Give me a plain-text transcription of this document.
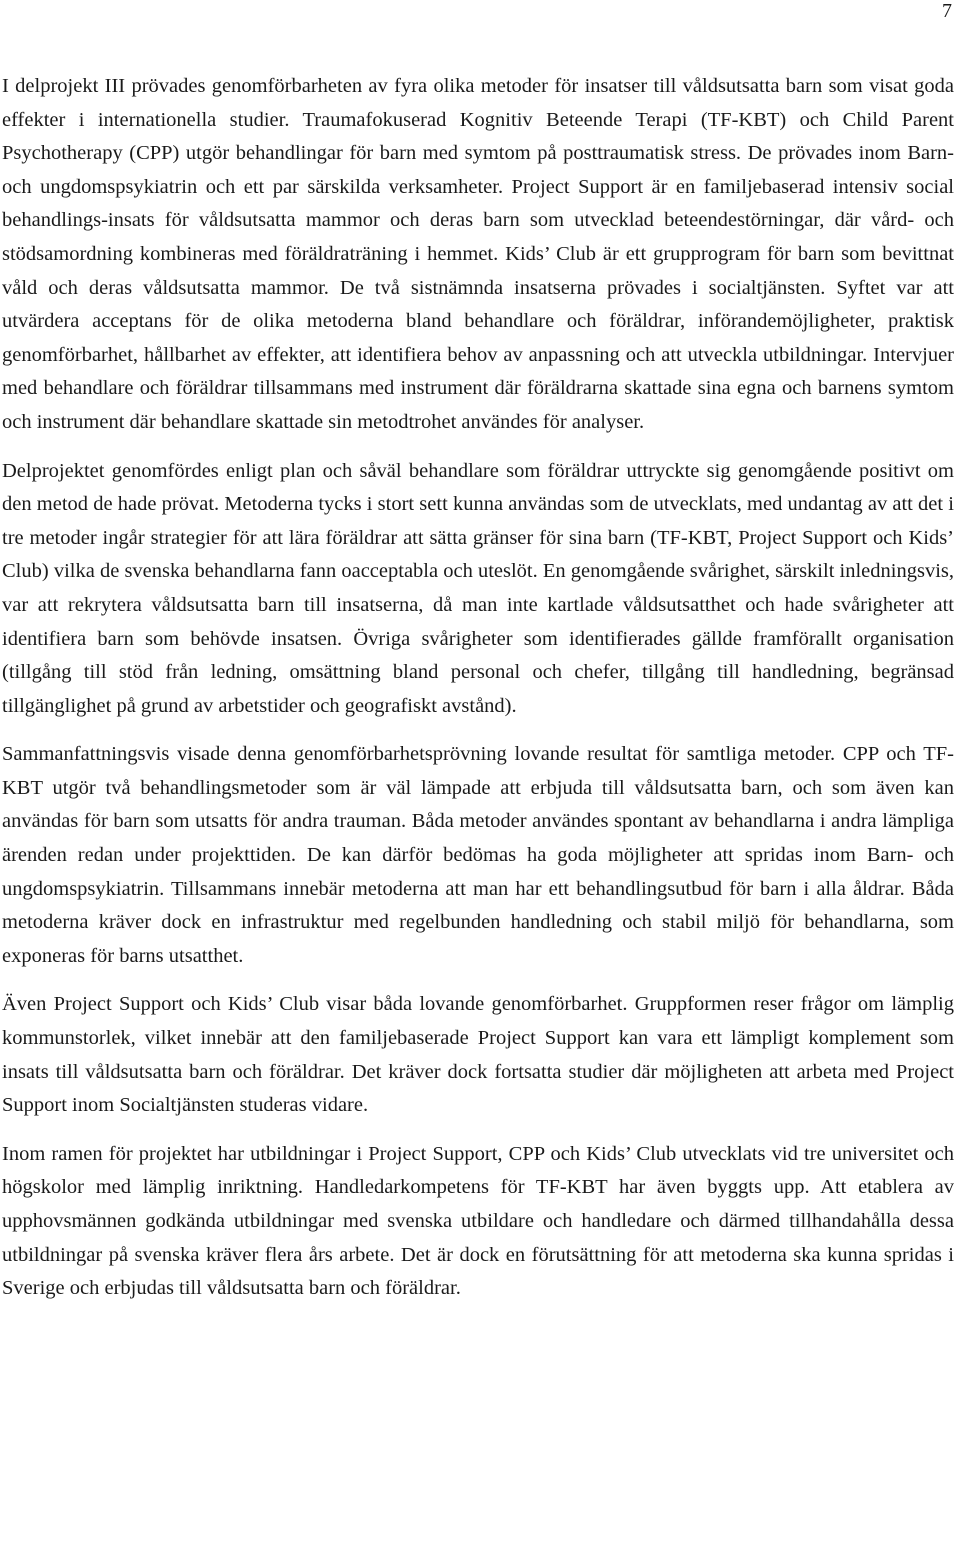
7

I delprojekt III prövades genomförbarheten av fyra olika metoder för insatser till våldsutsatta barn som visat goda effekter i internationella studier. Traumafokuserad Kognitiv Beteende Terapi (TF-KBT) och Child Parent Psychotherapy (CPP) utgör behandlingar för barn med symtom på posttraumatisk stress. De prövades inom Barn- och ungdomspsykiatrin och ett par särskilda verksamheter. Project Support är en familjebaserad intensiv social behandlings-insats för våldsutsatta mammor och deras barn som utvecklad beteendestörningar, där vård- och stödsamordning kombineras med föräldraträning i hemmet. Kids’ Club är ett grupprogram för barn som bevittnat våld och deras våldsutsatta mammor. De två sistnämnda insatserna prövades i socialtjänsten. Syftet var att utvärdera acceptans för de olika metoderna bland behandlare och föräldrar, införandemöjligheter, praktisk genomförbarhet, hållbarhet av effekter, att identifiera behov av anpassning och att utveckla utbildningar. Intervjuer med behandlare och föräldrar tillsammans med instrument där föräldrarna skattade sina egna och barnens symtom och instrument där behandlare skattade sin metodtrohet användes för analyser.

Delprojektet genomfördes enligt plan och såväl behandlare som föräldrar uttryckte sig genomgående positivt om den metod de hade prövat. Metoderna tycks i stort sett kunna användas som de utvecklats, med undantag av att det i tre metoder ingår strategier för att lära föräldrar att sätta gränser för sina barn (TF-KBT, Project Support och Kids’ Club) vilka de svenska behandlarna fann oacceptabla och uteslöt. En genomgående svårighet, särskilt inledningsvis, var att rekrytera våldsutsatta barn till insatserna, då man inte kartlade våldsutsatthet och hade svårigheter att identifiera barn som behövde insatsen. Övriga svårigheter som identifierades gällde framförallt organisation (tillgång till stöd från ledning, omsättning bland personal och chefer, tillgång till handledning, begränsad tillgänglighet på grund av arbetstider och geografiskt avstånd).

Sammanfattningsvis visade denna genomförbarhetsprövning lovande resultat för samtliga metoder. CPP och TF-KBT utgör två behandlingsmetoder som är väl lämpade att erbjuda till våldsutsatta barn, och som även kan användas för barn som utsatts för andra trauman. Båda metoder användes spontant av behandlarna i andra lämpliga ärenden redan under projekttiden. De kan därför bedömas ha goda möjligheter att spridas inom Barn- och ungdomspsykiatrin. Tillsammans innebär metoderna att man har ett behandlingsutbud för barn i alla åldrar. Båda metoderna kräver dock en infrastruktur med regelbunden handledning och stabil miljö för behandlarna, som exponeras för barns utsatthet.

Även Project Support och Kids’ Club visar båda lovande genomförbarhet. Gruppformen reser frågor om lämplig kommunstorlek, vilket innebär att den familjebaserade Project Support kan vara ett lämpligt komplement som insats till våldsutsatta barn och föräldrar. Det kräver dock fortsatta studier där möjligheten att arbeta med Project Support inom Socialtjänsten studeras vidare.

Inom ramen för projektet har utbildningar i Project Support, CPP och Kids’ Club utvecklats vid tre universitet och högskolor med lämplig inriktning. Handledarkompetens för TF-KBT har även byggts upp. Att etablera av upphovsmännen godkända utbildningar med svenska utbildare och handledare och därmed tillhandahålla dessa utbildningar på svenska kräver flera års arbete. Det är dock en förutsättning för att metoderna ska kunna spridas i Sverige och erbjudas till våldsutsatta barn och föräldrar.
